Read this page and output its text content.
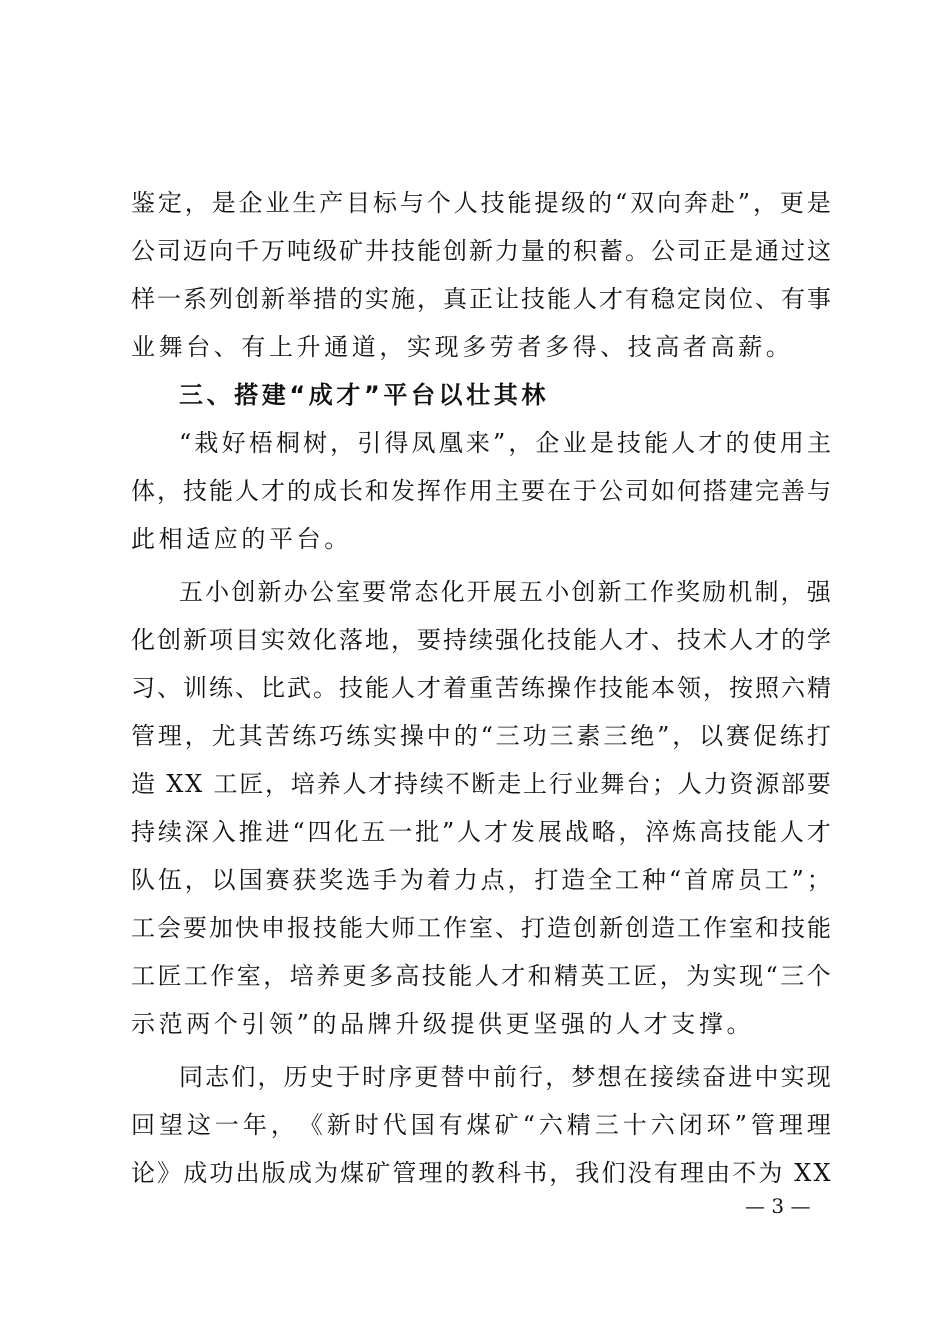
鉴 定 ， 是 企 业 生 产 目 标 与 个 人 技 能 提 级 的 “ 双 向 奔 赴 ” ， 更 是
公 司 迈 向 千 万 吨 级 矿 井 技 能 创 新 力 量 的 积 蓄 。 公 司 正 是 通 过 这
样 一 系 列 创 新 举 措 的 实 施 ， 真 正 让 技 能 人 才 有 稳 定 岗 位 、 有 事
业舞台、有上升通道，实现多劳者多得、技高者高薪。
三、搭建“成才”平台以壮其林
“ 栽 好 梧 桐 树 ， 引 得 凤 凰 来 ” ， 企 业 是 技 能 人 才 的 使 用 主
体 ， 技 能 人 才 的 成 长 和 发 挥 作 用 主 要 在 于 公 司 如 何 搭 建 完 善 与
此相适应的平台。
五 小 创 新 办 公 室 要 常 态 化 开 展 五 小 创 新 工 作 奖 励 机 制 ， 强
化 创 新 项 目 实 效 化 落 地 ， 要 持 续 强 化 技 能 人 才 、 技 术 人 才 的 学
习 、 训 练 、 比 武 。 技 能 人 才 着 重 苦 练 操 作 技 能 本 领 ， 按 照 六 精
管 理 ， 尤 其 苦 练 巧 练 实 操 中 的 “ 三 功 三 素 三 绝 ” ， 以 赛 促 练 打
造
X X
工 匠 ， 培 养 人 才 持 续 不 断 走 上 行 业 舞 台 ； 人 力 资 源 部 要
持 续 深 入 推 进 “ 四 化 五 一 批 ” 人 才 发 展 战 略 ， 淬 炼 高 技 能 人 才
队 伍 ， 以 国 赛 获 奖 选 手 为 着 力 点 ， 打 造 全 工 种 “ 首 席 员 工 ” ；
工 会 要 加 快 申 报 技 能 大 师 工 作 室 、 打 造 创 新 创 造 工 作 室 和 技 能
工 匠 工 作 室 ， 培 养 更 多 高 技 能 人 才 和 精 英 工 匠 ， 为 实 现 “ 三 个
示范两个引领”的品牌升级提供更坚强的人才支撑。
同 志 们 ， 历 史 于 时 序 更 替 中 前 行 ， 梦 想 在 接 续 奋 进 中 实 现
回 望 这 一 年 ， 《 新 时 代 国 有 煤 矿 “ 六 精 三 十 六 闭 环 ” 管 理 理
论 》 成 功 出 版 成 为 煤 矿 管 理 的 教 科 书 ， 我 们 没 有 理 由 不 为
X X
— 3 —
